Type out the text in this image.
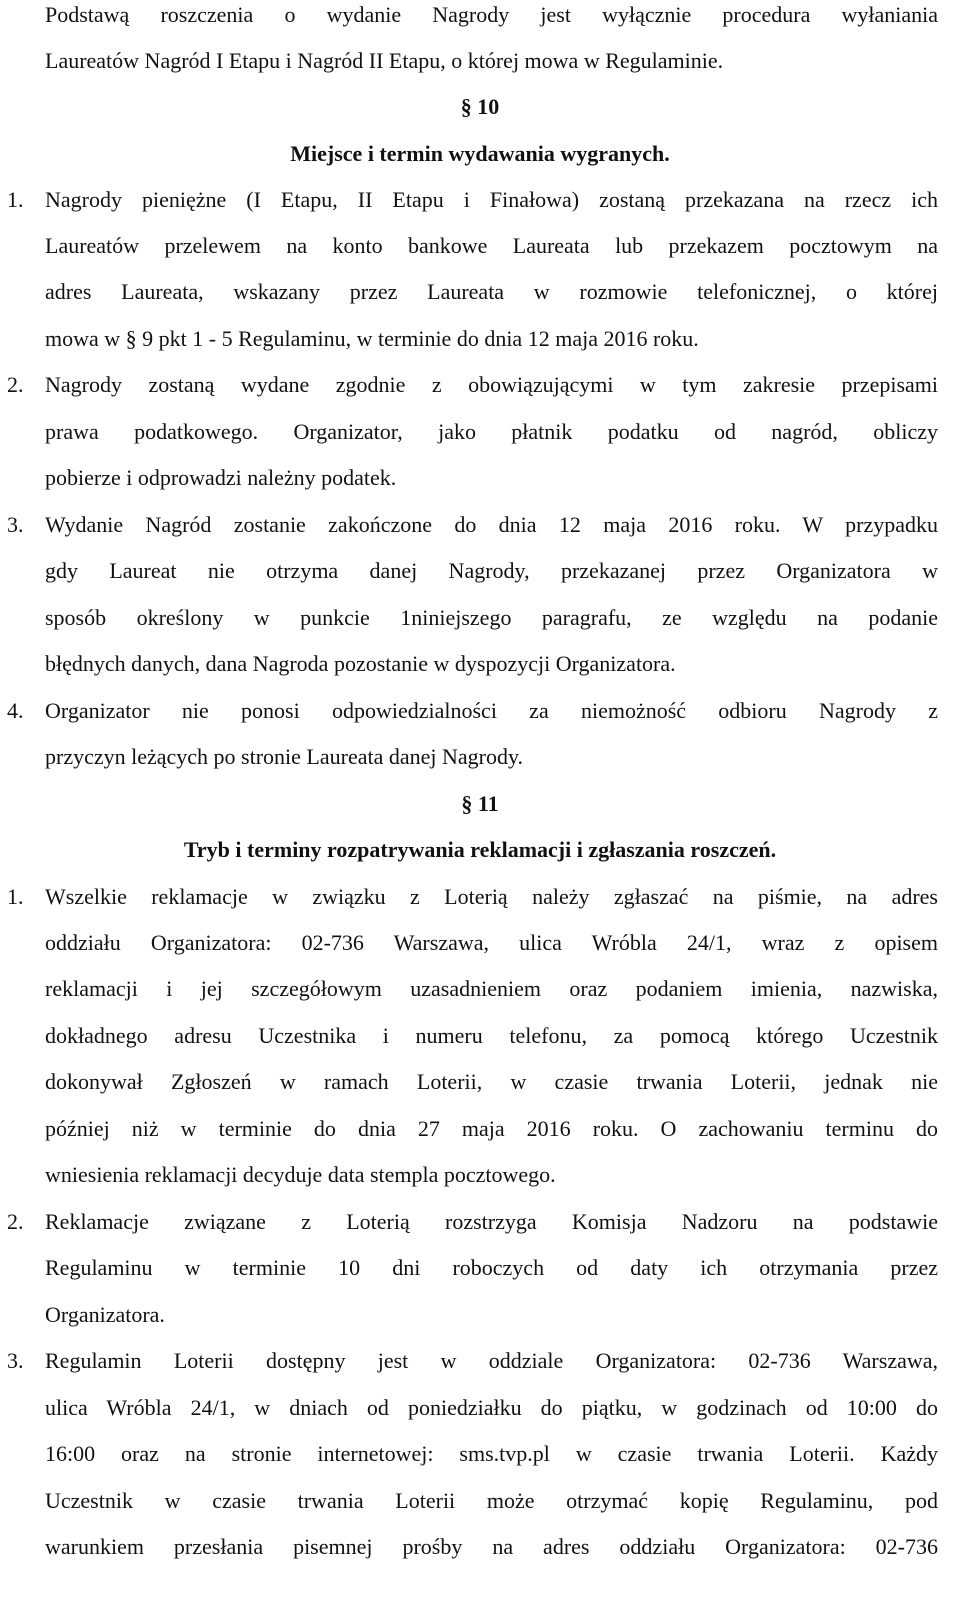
Podstawą roszczenia o wydanie Nagrody jest wyłącznie procedura wyłaniania
Laureatów Nagród I Etapu i Nagród II Etapu, o której mowa w Regulaminie.
§ 10
Miejsce i termin wydawania wygranych.
1. Nagrody pieniężne (I Etapu, II Etapu i Finałowa) zostaną przekazana na rzecz ich
Laureatów przelewem na konto bankowe Laureata lub przekazem pocztowym na
adres Laureata, wskazany przez Laureata w rozmowie telefonicznej, o której
mowa w § 9 pkt 1 - 5 Regulaminu, w terminie do dnia 12 maja 2016 roku.
2. Nagrody zostaną wydane zgodnie z obowiązującymi w tym zakresie przepisami
prawa podatkowego. Organizator, jako płatnik podatku od nagród, obliczy
pobierze i odprowadzi należny podatek.
3. Wydanie Nagród zostanie zakończone do dnia 12 maja 2016 roku. W przypadku
gdy Laureat nie otrzyma danej Nagrody, przekazanej przez Organizatora w
sposób określony w punkcie 1niniejszego paragrafu, ze względu na podanie
błędnych danych, dana Nagroda pozostanie w dyspozycji Organizatora.
4. Organizator nie ponosi odpowiedzialności za niemożność odbioru Nagrody z
przyczyn leżących po stronie Laureata danej Nagrody.
§ 11
Tryb i terminy rozpatrywania reklamacji i zgłaszania roszczeń.
1. Wszelkie reklamacje w związku z Loterią należy zgłaszać na piśmie, na adres
oddziału Organizatora: 02-736 Warszawa, ulica Wróbla 24/1, wraz z opisem
reklamacji i jej szczegółowym uzasadnieniem oraz podaniem imienia, nazwiska,
dokładnego adresu Uczestnika i numeru telefonu, za pomocą którego Uczestnik
dokonywał Zgłoszeń w ramach Loterii, w czasie trwania Loterii, jednak nie
później niż w terminie do dnia 27 maja 2016 roku. O zachowaniu terminu do
wniesienia reklamacji decyduje data stempla pocztowego.
2. Reklamacje związane z Loterią rozstrzyga Komisja Nadzoru na podstawie
Regulaminu w terminie 10 dni roboczych od daty ich otrzymania przez
Organizatora.
3. Regulamin Loterii dostępny jest w oddziale Organizatora: 02-736 Warszawa,
ulica Wróbla 24/1, w dniach od poniedziałku do piątku, w godzinach od 10:00 do
16:00 oraz na stronie internetowej: sms.tvp.pl w czasie trwania Loterii. Każdy
Uczestnik w czasie trwania Loterii może otrzymać kopię Regulaminu, pod
warunkiem przesłania pisemnej prośby na adres oddziału Organizatora: 02-736
